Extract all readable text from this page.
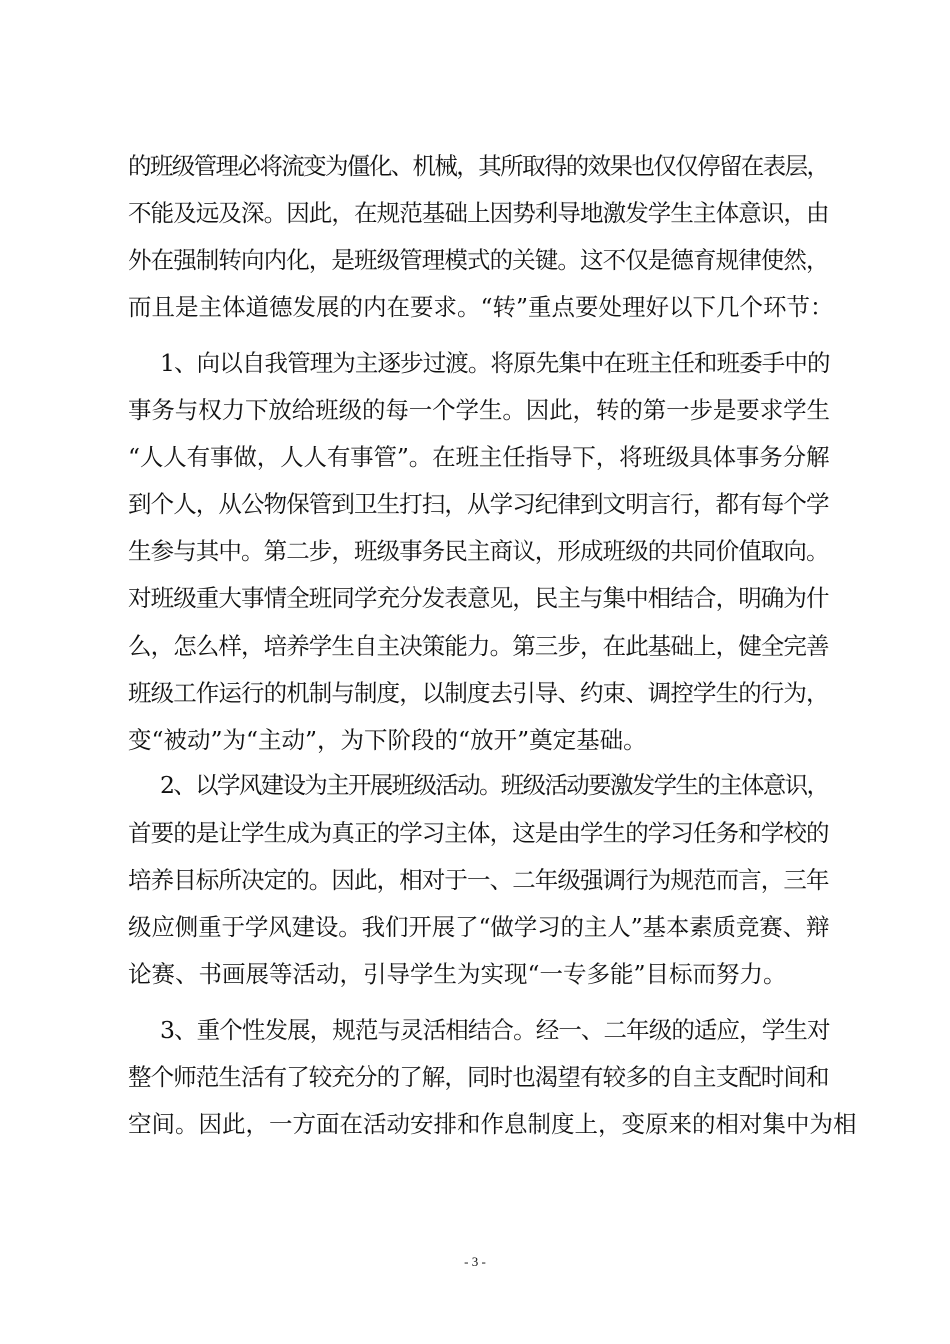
的班级管理必将流变为僵化、机械，其所取得的效果也仅仅停留在表层，
不能及远及深。因此，在规范基础上因势利导地激发学生主体意识，由
外在强制转向内化，是班级管理模式的关键。这不仅是德育规律使然，
而且是主体道德发展的内在要求。“转”重点要处理好以下几个环节：
1、向以自我管理为主逐步过渡。将原先集中在班主任和班委手中的
事务与权力下放给班级的每一个学生。因此，转的第一步是要求学生
“人人有事做，人人有事管”。在班主任指导下，将班级具体事务分解
到个人，从公物保管到卫生打扫，从学习纪律到文明言行，都有每个学
生参与其中。第二步，班级事务民主商议，形成班级的共同价值取向。
对班级重大事情全班同学充分发表意见，民主与集中相结合，明确为什
么，怎么样，培养学生自主决策能力。第三步，在此基础上，健全完善
班级工作运行的机制与制度，以制度去引导、约束、调控学生的行为，
变“被动”为“主动”，为下阶段的“放开”奠定基础。
2、以学风建设为主开展班级活动。班级活动要激发学生的主体意识，
首要的是让学生成为真正的学习主体，这是由学生的学习任务和学校的
培养目标所决定的。因此，相对于一、二年级强调行为规范而言，三年
级应侧重于学风建设。我们开展了“做学习的主人”基本素质竞赛、辩
论赛、书画展等活动，引导学生为实现“一专多能”目标而努力。
3、重个性发展，规范与灵活相结合。经一、二年级的适应，学生对
整个师范生活有了较充分的了解，同时也渴望有较多的自主支配时间和
空间。因此，一方面在活动安排和作息制度上，变原来的相对集中为相
- 3 -
